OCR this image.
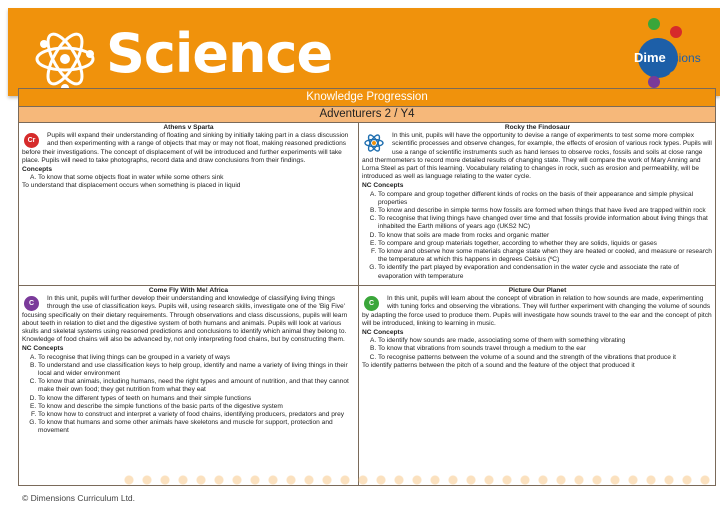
Science	Dime nsions
Knowledge Progression
Adventurers 2 / Y4
Athens v Sparta
Cr

Pupils will expand their understanding of floating and sinking by initially taking part in a class discussion and then experimenting with a range of objects that may or may not float, making reasoned predictions before their investigations. The concept of displacement of will be introduced and further experiments will take place. Pupils will need to take photographs, record data and draw conclusions from their findings.

Concepts
A. To know that some objects float in water while some others sink

To understand that displacement occurs when something is placed in liquid

Rocky the Findosaur

In this unit, pupils will have the opportunity to devise a range of experiments to test some more complex scientific processes and observe changes, for example, the effects of erosion of various rock types. Pupils will use a range of scientific instruments such as hand lenses to observe rocks, fossils and soils at close range and thermometers to record more detailed results of changing state. They will compare the work of Mary Anning and Lorna Steel as part of this learning. Vocabulary relating to changes in rock, such as erosion and permeability, will be introduced as well as language relating to the water cycle.

NC Concepts
A. To compare and group together different kinds of rocks on the basis of their appearance and simple physical properties
B. To know and describe in simple terms how fossils are formed when things that have lived are trapped within rock
C. To recognise that living things have changed over time and that fossils provide information about living things that inhabited the Earth millions of years ago (UKS2 NC)
D. To know that soils are made from rocks and organic matter
E. To compare and group materials together, according to whether they are solids, liquids or gases
F. To know and observe how some materials change state when they are heated or cooled, and measure or research the temperature at which this happens in degrees Celsius (ºC)
G. To identify the part played by evaporation and condensation in the water cycle and associate the rate of evaporation with temperature
Come Fly With Me! Africa
C

In this unit, pupils will further develop their understanding and knowledge of classifying living things through the use of classification keys. Pupils will, using research skills, investigate one of the 'Big Five' focusing specifically on their dietary requirements. Through observations and class discussions, pupils will learn about teeth in relation to diet and the digestive system of both humans and animals. Pupils will look at various skulls and skeletal systems using reasoned predictions and conclusions to identify which animal they belong to. Knowledge of food chains will also be advanced by, not only interpreting food chains, but by constructing them.

NC Concepts
A. To recognise that living things can be grouped in a variety of ways
B. To understand and use classification keys to help group, identify and name a variety of living things in their local and wider environment
C. To know that animals, including humans, need the right types and amount of nutrition, and that they cannot make their own food; they get nutrition from what they eat
D. To know the different types of teeth on humans and their simple functions
E. To know and describe the simple functions of the basic parts of the digestive system
F. To know how to construct and interpret a variety of food chains, identifying producers, predators and prey
G. To know that humans and some other animals have skeletons and muscle for support, protection and movement
Picture Our Planet
C

In this unit, pupils will learn about the concept of vibration in relation to how sounds are made, experimenting with tuning forks and observing the vibrations. They will further experiment with changing the volume of sounds by adapting the force used to produce them. Pupils will investigate how sounds travel to the ear and the concept of pitch will be introduced, linking to learning in music.

NC Concepts
A. To identify how sounds are made, associating some of them with something vibrating
B. To know that vibrations from sounds travel through a medium to the ear
C. To recognise patterns between the volume of a sound and the strength of the vibrations that produce it

To identify patterns between the pitch of a sound and the feature of the object that produced it

© Dimensions Curriculum Ltd.
